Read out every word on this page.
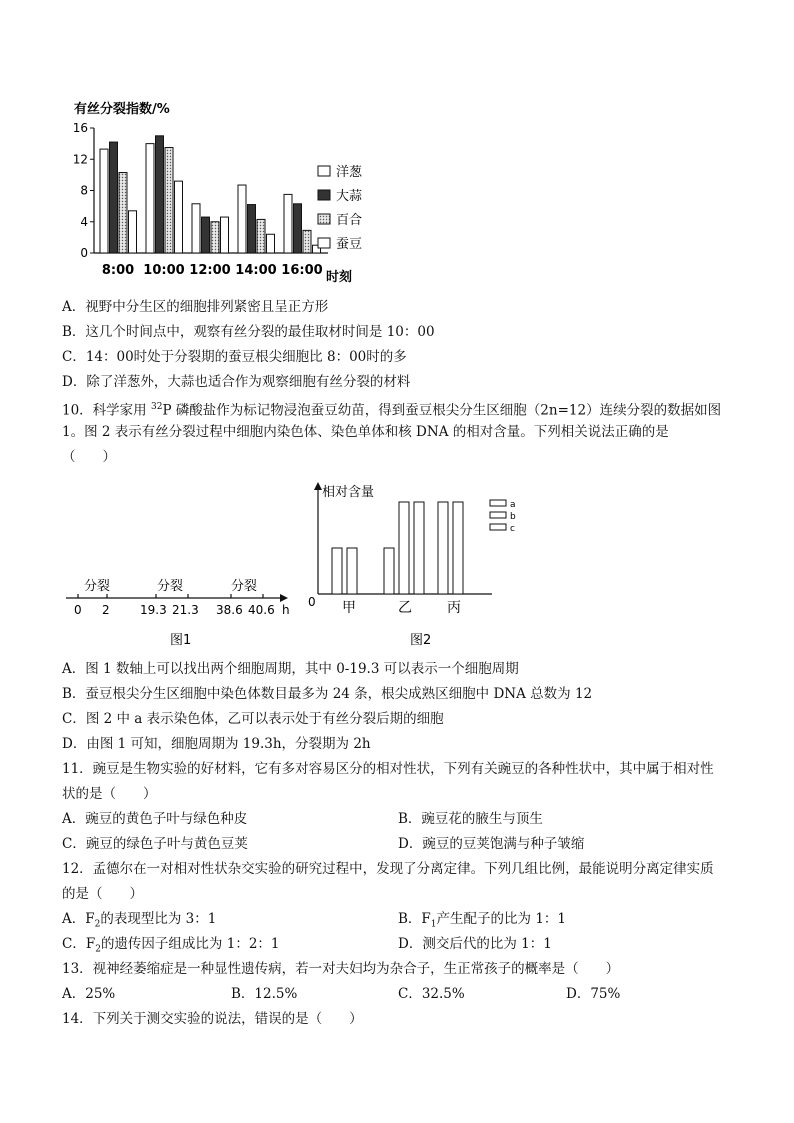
有丝分裂指数/%
0
4
8
12
16
8:00 10:00 12:00 14:00 16:00 时刻
洋葱
大蒜
百合
蚕豆
A．视野中分生区的细胞排列紧密且呈正方形
B．这几个时间点中，观察有丝分裂的最佳取材时间是 10：00
C．14：00时处于分裂期的蚕豆根尖细胞比 8：00时的多
D．除了洋葱外，大蒜也适合作为观察细胞有丝分裂的材料
10．科学家用 $^{32}$P 磷酸盐作为标记物浸泡蚕豆幼苗，得到蚕豆根尖分生区细胞（2n=12）连续分裂的数据如图
1。图 2 表示有丝分裂过程中细胞内染色体、染色单体和核 DNA 的相对含量。下列相关说法正确的是
（　　）
分裂	分裂	分裂
0 2	19.3 21.3 38.6 40.6 h
图1
相对含量
0 甲	乙	丙
a
b
c
图2
A．图 1 数轴上可以找出两个细胞周期，其中 0-19.3 可以表示一个细胞周期
B．蚕豆根尖分生区细胞中染色体数目最多为 24 条，根尖成熟区细胞中 DNA 总数为 12
C．图 2 中 a 表示染色体，乙可以表示处于有丝分裂后期的细胞
D．由图 1 可知，细胞周期为 19.3h，分裂期为 2h
11．豌豆是生物实验的好材料，它有多对容易区分的相对性状，下列有关豌豆的各种性状中，其中属于相对性
状的是（　　）
A．豌豆的黄色子叶与绿色种皮	B．豌豆花的腋生与顶生
C．豌豆的绿色子叶与黄色豆荚	D．豌豆的豆荚饱满与种子皱缩
12．孟德尔在一对相对性状杂交实验的研究过程中，发现了分离定律。下列几组比例，最能说明分离定律实质
的是（　　）
A．$F_2$的表现型比为 3：1	B．$F_1$产生配子的比为 1：1
C．$F_2$的遗传因子组成比为 1：2：1	D．测交后代的比为 1：1
13．视神经萎缩症是一种显性遗传病，若一对夫妇均为杂合子，生正常孩子的概率是（　　）
A．25%	B．12.5%	C．32.5%	D．75%
14．下列关于测交实验的说法，错误的是（　　）
